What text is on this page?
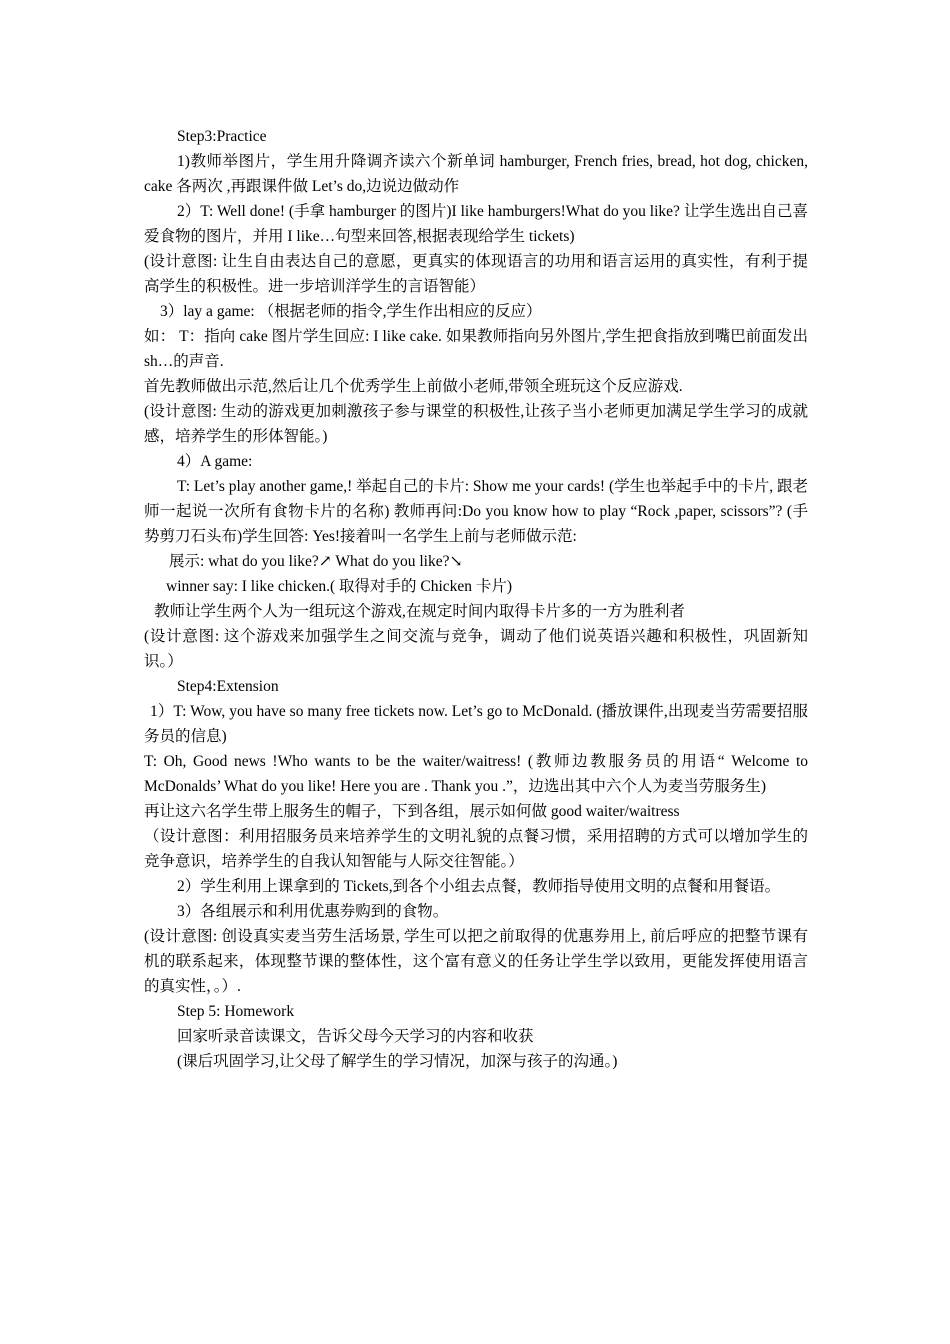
Step3:Practice

1)教师举图片，学生用升降调齐读六个新单词 hamburger, French fries, bread, hot dog, chicken, cake 各两次 ,再跟课件做 Let’s do,边说边做动作

2）T: Well done! (手拿 hamburger 的图片)I like hamburgers!What do you like? 让学生选出自己喜爱食物的图片，并用 I like…句型来回答,根据表现给学生 tickets)

(设计意图: 让生自由表达自己的意愿，更真实的体现语言的功用和语言运用的真实性，有利于提高学生的积极性。进一步培训洋学生的言语智能）

3）lay a game: （根据老师的指令,学生作出相应的反应）

如： T：指向 cake 图片学生回应: I like cake. 如果教师指向另外图片,学生把食指放到嘴巴前面发出 sh…的声音.

首先教师做出示范,然后让几个优秀学生上前做小老师,带领全班玩这个反应游戏.

(设计意图: 生动的游戏更加刺激孩子参与课堂的积极性,让孩子当小老师更加满足学生学习的成就感，培养学生的形体智能。)

4）A game:

T: Let’s play another game,! 举起自己的卡片: Show me your cards! (学生也举起手中的卡片, 跟老师一起说一次所有食物卡片的名称) 教师再问:Do you know how to play “Rock ,paper, scissors”? (手势剪刀石头布)学生回答: Yes!接着叫一名学生上前与老师做示范:

展示: what do you like?↗ What do you like?↘

winner say: I like chicken.( 取得对手的 Chicken 卡片)

教师让学生两个人为一组玩这个游戏,在规定时间内取得卡片多的一方为胜利者

(设计意图: 这个游戏来加强学生之间交流与竞争，调动了他们说英语兴趣和积极性，巩固新知识。）

Step4:Extension

1）T: Wow, you have so many free tickets now. Let’s go to McDonald. (播放课件,出现麦当劳需要招服务员的信息)

T: Oh, Good news !Who wants to be the waiter/waitress! (教师边教服务员的用语“ Welcome to McDonalds’ What do you like! Here you are . Thank you .”，边选出其中六个人为麦当劳服务生)

再让这六名学生带上服务生的帽子，下到各组，展示如何做 good waiter/waitress

（设计意图：利用招服务员来培养学生的文明礼貌的点餐习惯，采用招聘的方式可以增加学生的竞争意识，培养学生的自我认知智能与人际交往智能。）

2）学生利用上课拿到的 Tickets,到各个小组去点餐，教师指导使用文明的点餐和用餐语。

3）各组展示和利用优惠券购到的食物。

(设计意图: 创设真实麦当劳生活场景, 学生可以把之前取得的优惠券用上, 前后呼应的把整节课有机的联系起来，体现整节课的整体性，这个富有意义的任务让学生学以致用，更能发挥使用语言的真实性，。）.

Step 5: Homework

回家听录音读课文，告诉父母今天学习的内容和收获

(课后巩固学习,让父母了解学生的学习情况，加深与孩子的沟通。)
